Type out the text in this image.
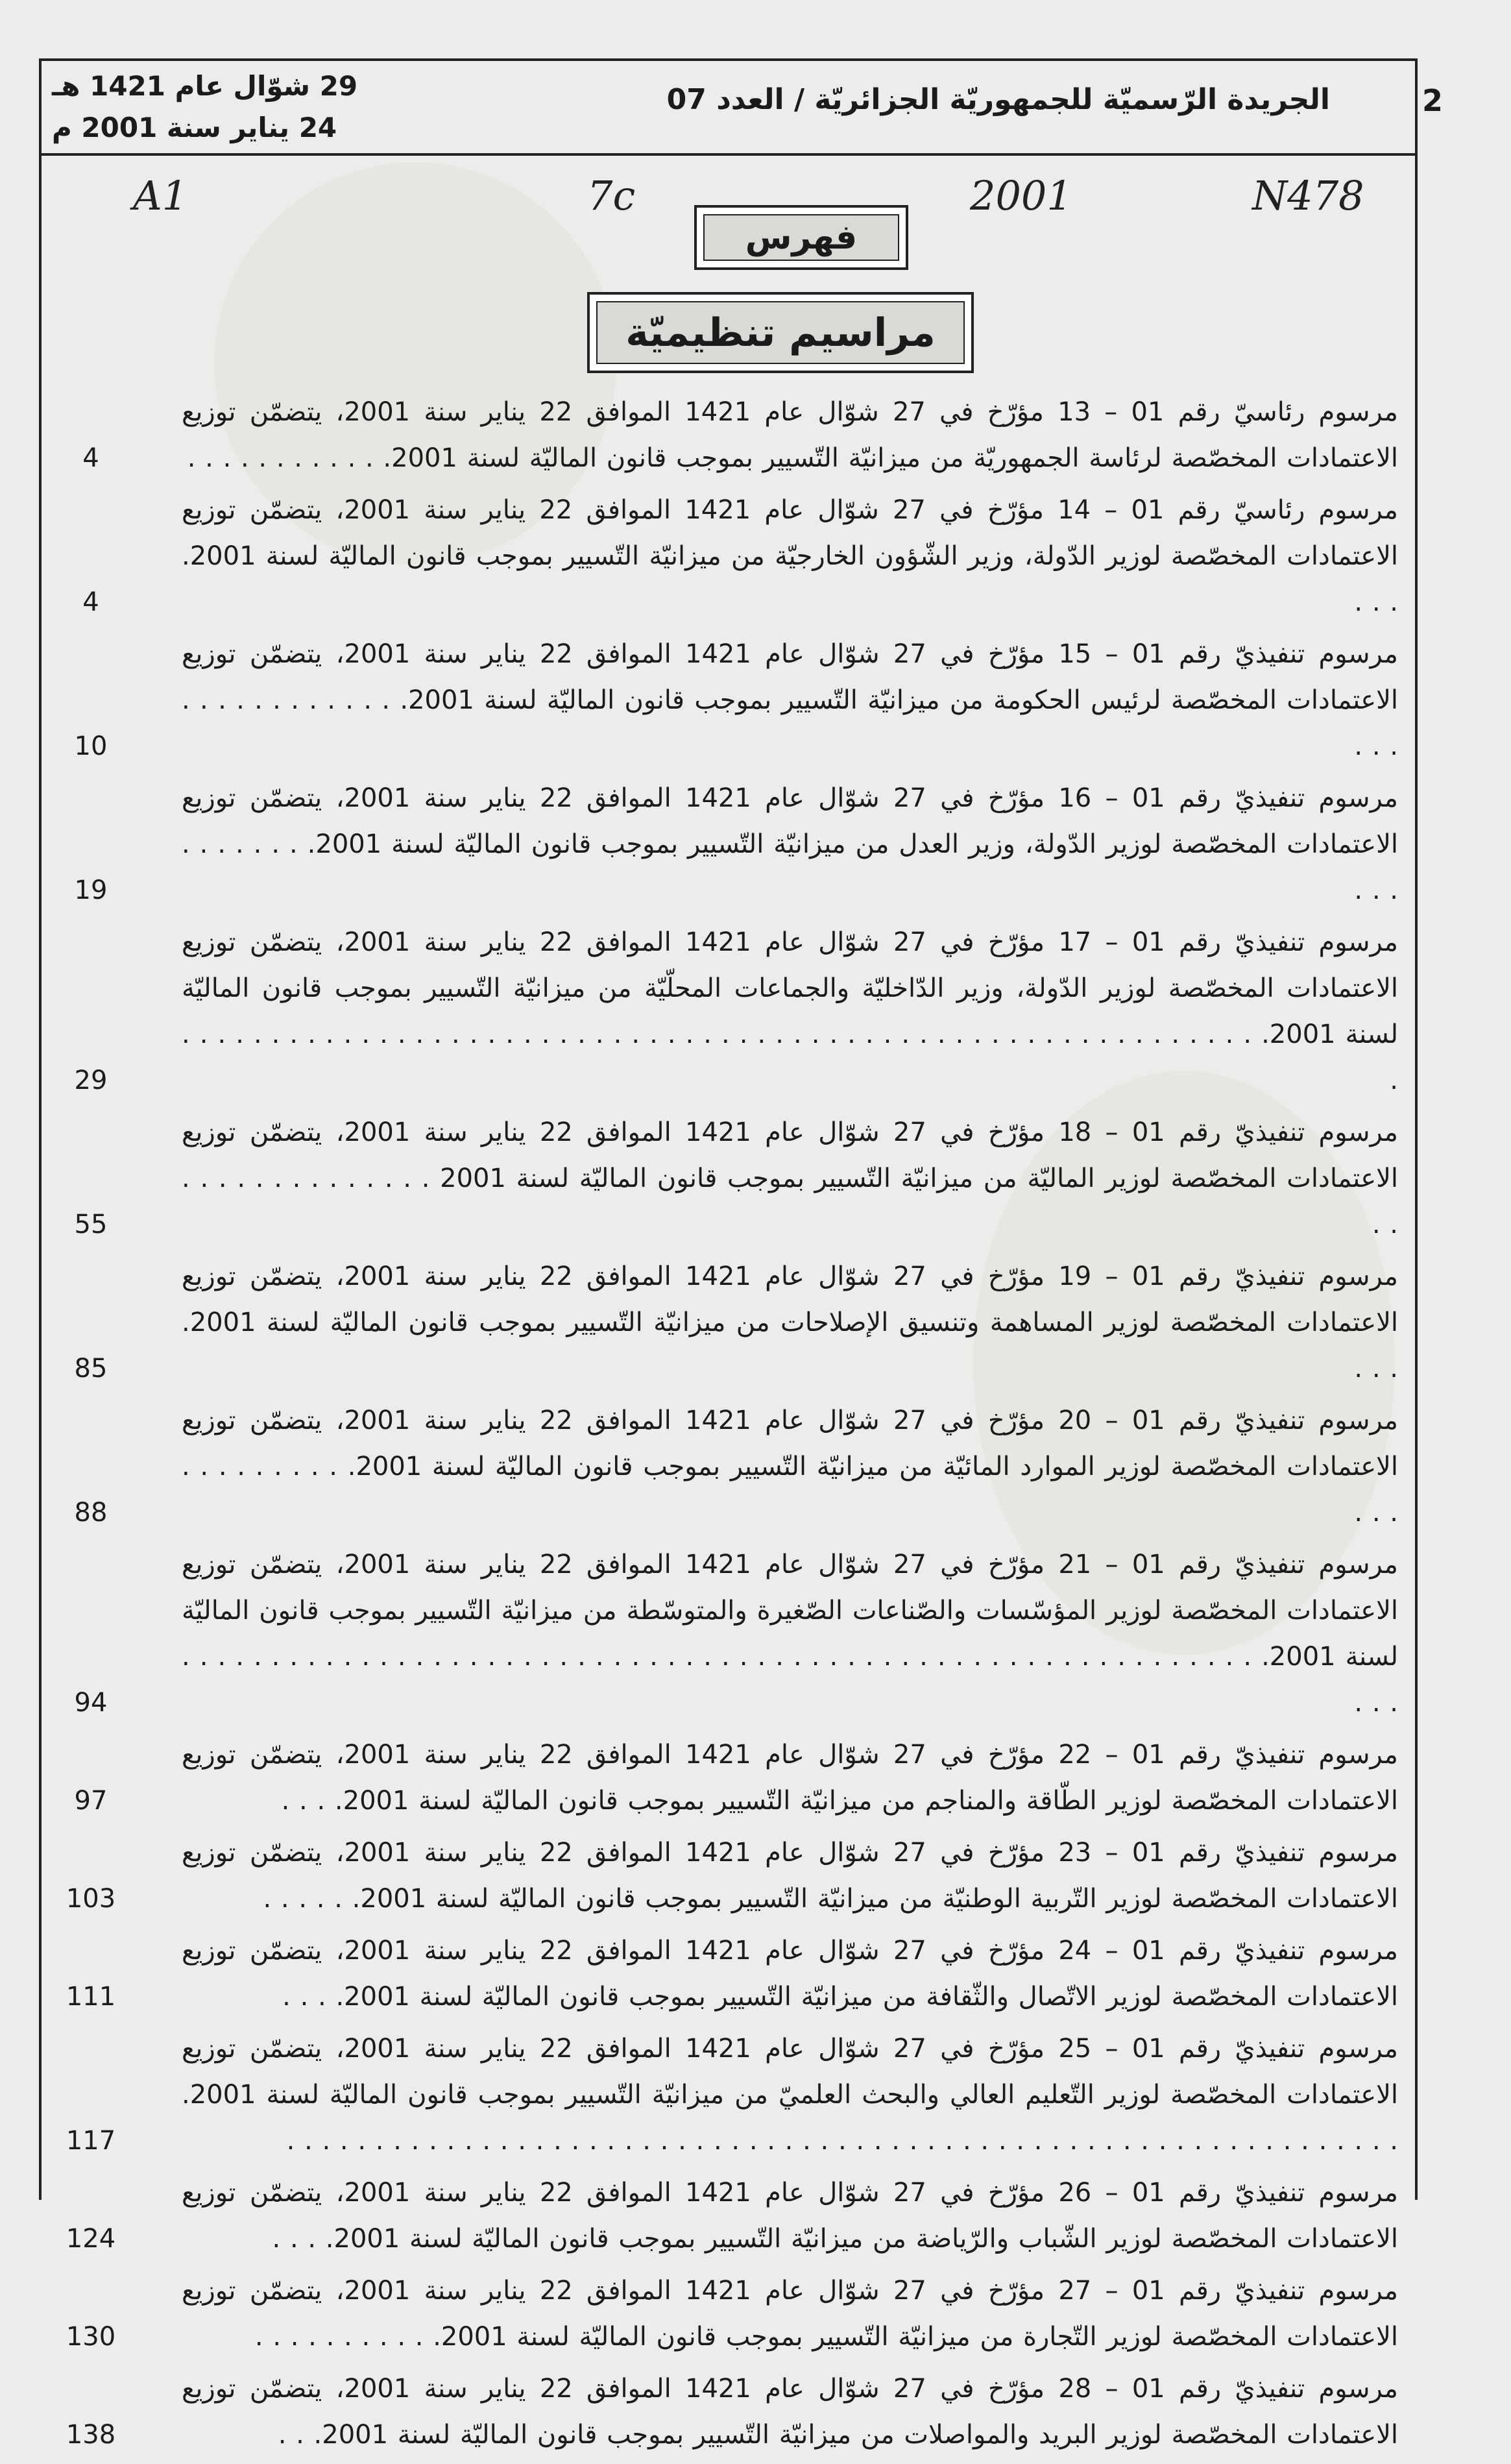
2
الجريدة الرّسميّة للجمهوريّة الجزائريّة / العدد 07
29 شوّال عام 1421 هـ
24 يناير سنة 2001 م
A1	7c	2001	N478
فهرس
مراسيم تنظيميّة
مرسوم رئاسيّ رقم 01 – 13 مؤرّخ في 27 شوّال عام 1421 الموافق 22 يناير سنة 2001، يتضمّن توزيع الاعتمادات المخصّصة لرئاسة الجمهوريّة من ميزانيّة التّسيير بموجب قانون الماليّة لسنة 2001. . . . . . . . . . . .
4
مرسوم رئاسيّ رقم 01 – 14 مؤرّخ في 27 شوّال عام 1421 الموافق 22 يناير سنة 2001، يتضمّن توزيع الاعتمادات المخصّصة لوزير الدّولة، وزير الشّؤون الخارجيّة من ميزانيّة التّسيير بموجب قانون الماليّة لسنة 2001. . . .
4
مرسوم تنفيذيّ رقم 01 – 15 مؤرّخ في 27 شوّال عام 1421 الموافق 22 يناير سنة 2001، يتضمّن توزيع الاعتمادات المخصّصة لرئيس الحكومة من ميزانيّة التّسيير بموجب قانون الماليّة لسنة 2001. . . . . . . . . . . . . . . .
10
مرسوم تنفيذيّ رقم 01 – 16 مؤرّخ في 27 شوّال عام 1421 الموافق 22 يناير سنة 2001، يتضمّن توزيع الاعتمادات المخصّصة لوزير الدّولة، وزير العدل من ميزانيّة التّسيير بموجب قانون الماليّة لسنة 2001. . . . . . . . . . .
19
مرسوم تنفيذيّ رقم 01 – 17 مؤرّخ في 27 شوّال عام 1421 الموافق 22 يناير سنة 2001، يتضمّن توزيع الاعتمادات المخصّصة لوزير الدّولة، وزير الدّاخليّة والجماعات المحلّيّة من ميزانيّة التّسيير بموجب قانون الماليّة لسنة 2001. . . . . . . . . . . . . . . . . . . . . . . . . . . . . . . . . . . . . . . . . . . . . . . . . . . . . . . . . . . . . .
29
مرسوم تنفيذيّ رقم 01 – 18 مؤرّخ في 27 شوّال عام 1421 الموافق 22 يناير سنة 2001، يتضمّن توزيع الاعتمادات المخصّصة لوزير الماليّة من ميزانيّة التّسيير بموجب قانون الماليّة لسنة 2001 . . . . . . . . . . . . . . . .
55
مرسوم تنفيذيّ رقم 01 – 19 مؤرّخ في 27 شوّال عام 1421 الموافق 22 يناير سنة 2001، يتضمّن توزيع الاعتمادات المخصّصة لوزير المساهمة وتنسيق الإصلاحات من ميزانيّة التّسيير بموجب قانون الماليّة لسنة 2001. . . .
85
مرسوم تنفيذيّ رقم 01 – 20 مؤرّخ في 27 شوّال عام 1421 الموافق 22 يناير سنة 2001، يتضمّن توزيع الاعتمادات المخصّصة لوزير الموارد المائيّة من ميزانيّة التّسيير بموجب قانون الماليّة لسنة 2001. . . . . . . . . . . . .
88
مرسوم تنفيذيّ رقم 01 – 21 مؤرّخ في 27 شوّال عام 1421 الموافق 22 يناير سنة 2001، يتضمّن توزيع الاعتمادات المخصّصة لوزير المؤسّسات والصّناعات الصّغيرة والمتوسّطة من ميزانيّة التّسيير بموجب قانون الماليّة لسنة 2001. . . . . . . . . . . . . . . . . . . . . . . . . . . . . . . . . . . . . . . . . . . . . . . . . . . . . . . . . . . . . . . .
94
مرسوم تنفيذيّ رقم 01 – 22 مؤرّخ في 27 شوّال عام 1421 الموافق 22 يناير سنة 2001، يتضمّن توزيع الاعتمادات المخصّصة لوزير الطّاقة والمناجم من ميزانيّة التّسيير بموجب قانون الماليّة لسنة 2001. . . .
97
مرسوم تنفيذيّ رقم 01 – 23 مؤرّخ في 27 شوّال عام 1421 الموافق 22 يناير سنة 2001، يتضمّن توزيع الاعتمادات المخصّصة لوزير التّربية الوطنيّة من ميزانيّة التّسيير بموجب قانون الماليّة لسنة 2001. . . . . .
103
مرسوم تنفيذيّ رقم 01 – 24 مؤرّخ في 27 شوّال عام 1421 الموافق 22 يناير سنة 2001، يتضمّن توزيع الاعتمادات المخصّصة لوزير الاتّصال والثّقافة من ميزانيّة التّسيير بموجب قانون الماليّة لسنة 2001. . . .
111
مرسوم تنفيذيّ رقم 01 – 25 مؤرّخ في 27 شوّال عام 1421 الموافق 22 يناير سنة 2001، يتضمّن توزيع الاعتمادات المخصّصة لوزير التّعليم العالي والبحث العلميّ من ميزانيّة التّسيير بموجب قانون الماليّة لسنة 2001. . . . . . . . . . . . . . . . . . . . . . . . . . . . . . . . . . . . . . . . . . . . . . . . . . . . . . . . . . . . . . . .
117
مرسوم تنفيذيّ رقم 01 – 26 مؤرّخ في 27 شوّال عام 1421 الموافق 22 يناير سنة 2001، يتضمّن توزيع الاعتمادات المخصّصة لوزير الشّباب والرّياضة من ميزانيّة التّسيير بموجب قانون الماليّة لسنة 2001. . . .
124
مرسوم تنفيذيّ رقم 01 – 27 مؤرّخ في 27 شوّال عام 1421 الموافق 22 يناير سنة 2001، يتضمّن توزيع الاعتمادات المخصّصة لوزير التّجارة من ميزانيّة التّسيير بموجب قانون الماليّة لسنة 2001. . . . . . . . . . .
130
مرسوم تنفيذيّ رقم 01 – 28 مؤرّخ في 27 شوّال عام 1421 الموافق 22 يناير سنة 2001، يتضمّن توزيع الاعتمادات المخصّصة لوزير البريد والمواصلات من ميزانيّة التّسيير بموجب قانون الماليّة لسنة 2001. . .
138
